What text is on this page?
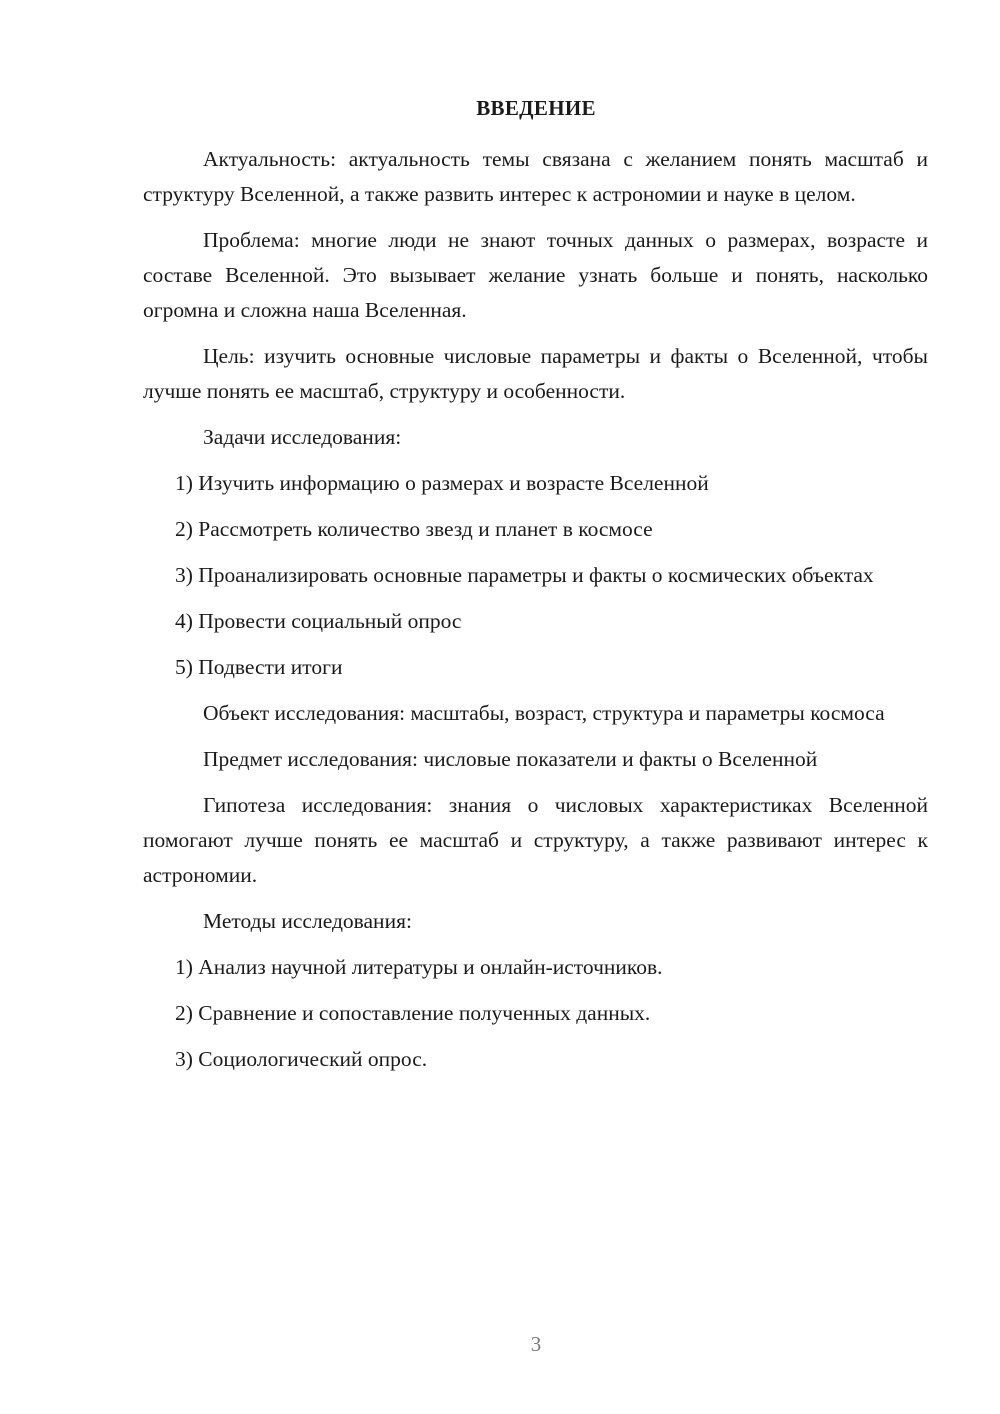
ВВЕДЕНИЕ

Актуальность: актуальность темы связана с желанием понять масштаб и структуру Вселенной, а также развить интерес к астрономии и науке в целом.

Проблема: многие люди не знают точных данных о размерах, возрасте и составе Вселенной. Это вызывает желание узнать больше и понять, насколько огромна и сложна наша Вселенная.

Цель: изучить основные числовые параметры и факты о Вселенной, чтобы лучше понять ее масштаб, структуру и особенности.

Задачи исследования:

1) Изучить информацию о размерах и возрасте Вселенной

2) Рассмотреть количество звезд и планет в космосе

3) Проанализировать основные параметры и факты о космических объектах

4) Провести социальный опрос

5) Подвести итоги

Объект исследования: масштабы, возраст, структура и параметры космоса

Предмет исследования: числовые показатели и факты о Вселенной

Гипотеза исследования: знания о числовых характеристиках Вселенной помогают лучше понять ее масштаб и структуру, а также развивают интерес к астрономии.

Методы исследования:

1) Анализ научной литературы и онлайн-источников.

2) Сравнение и сопоставление полученных данных.

3) Социологический опрос.

3
